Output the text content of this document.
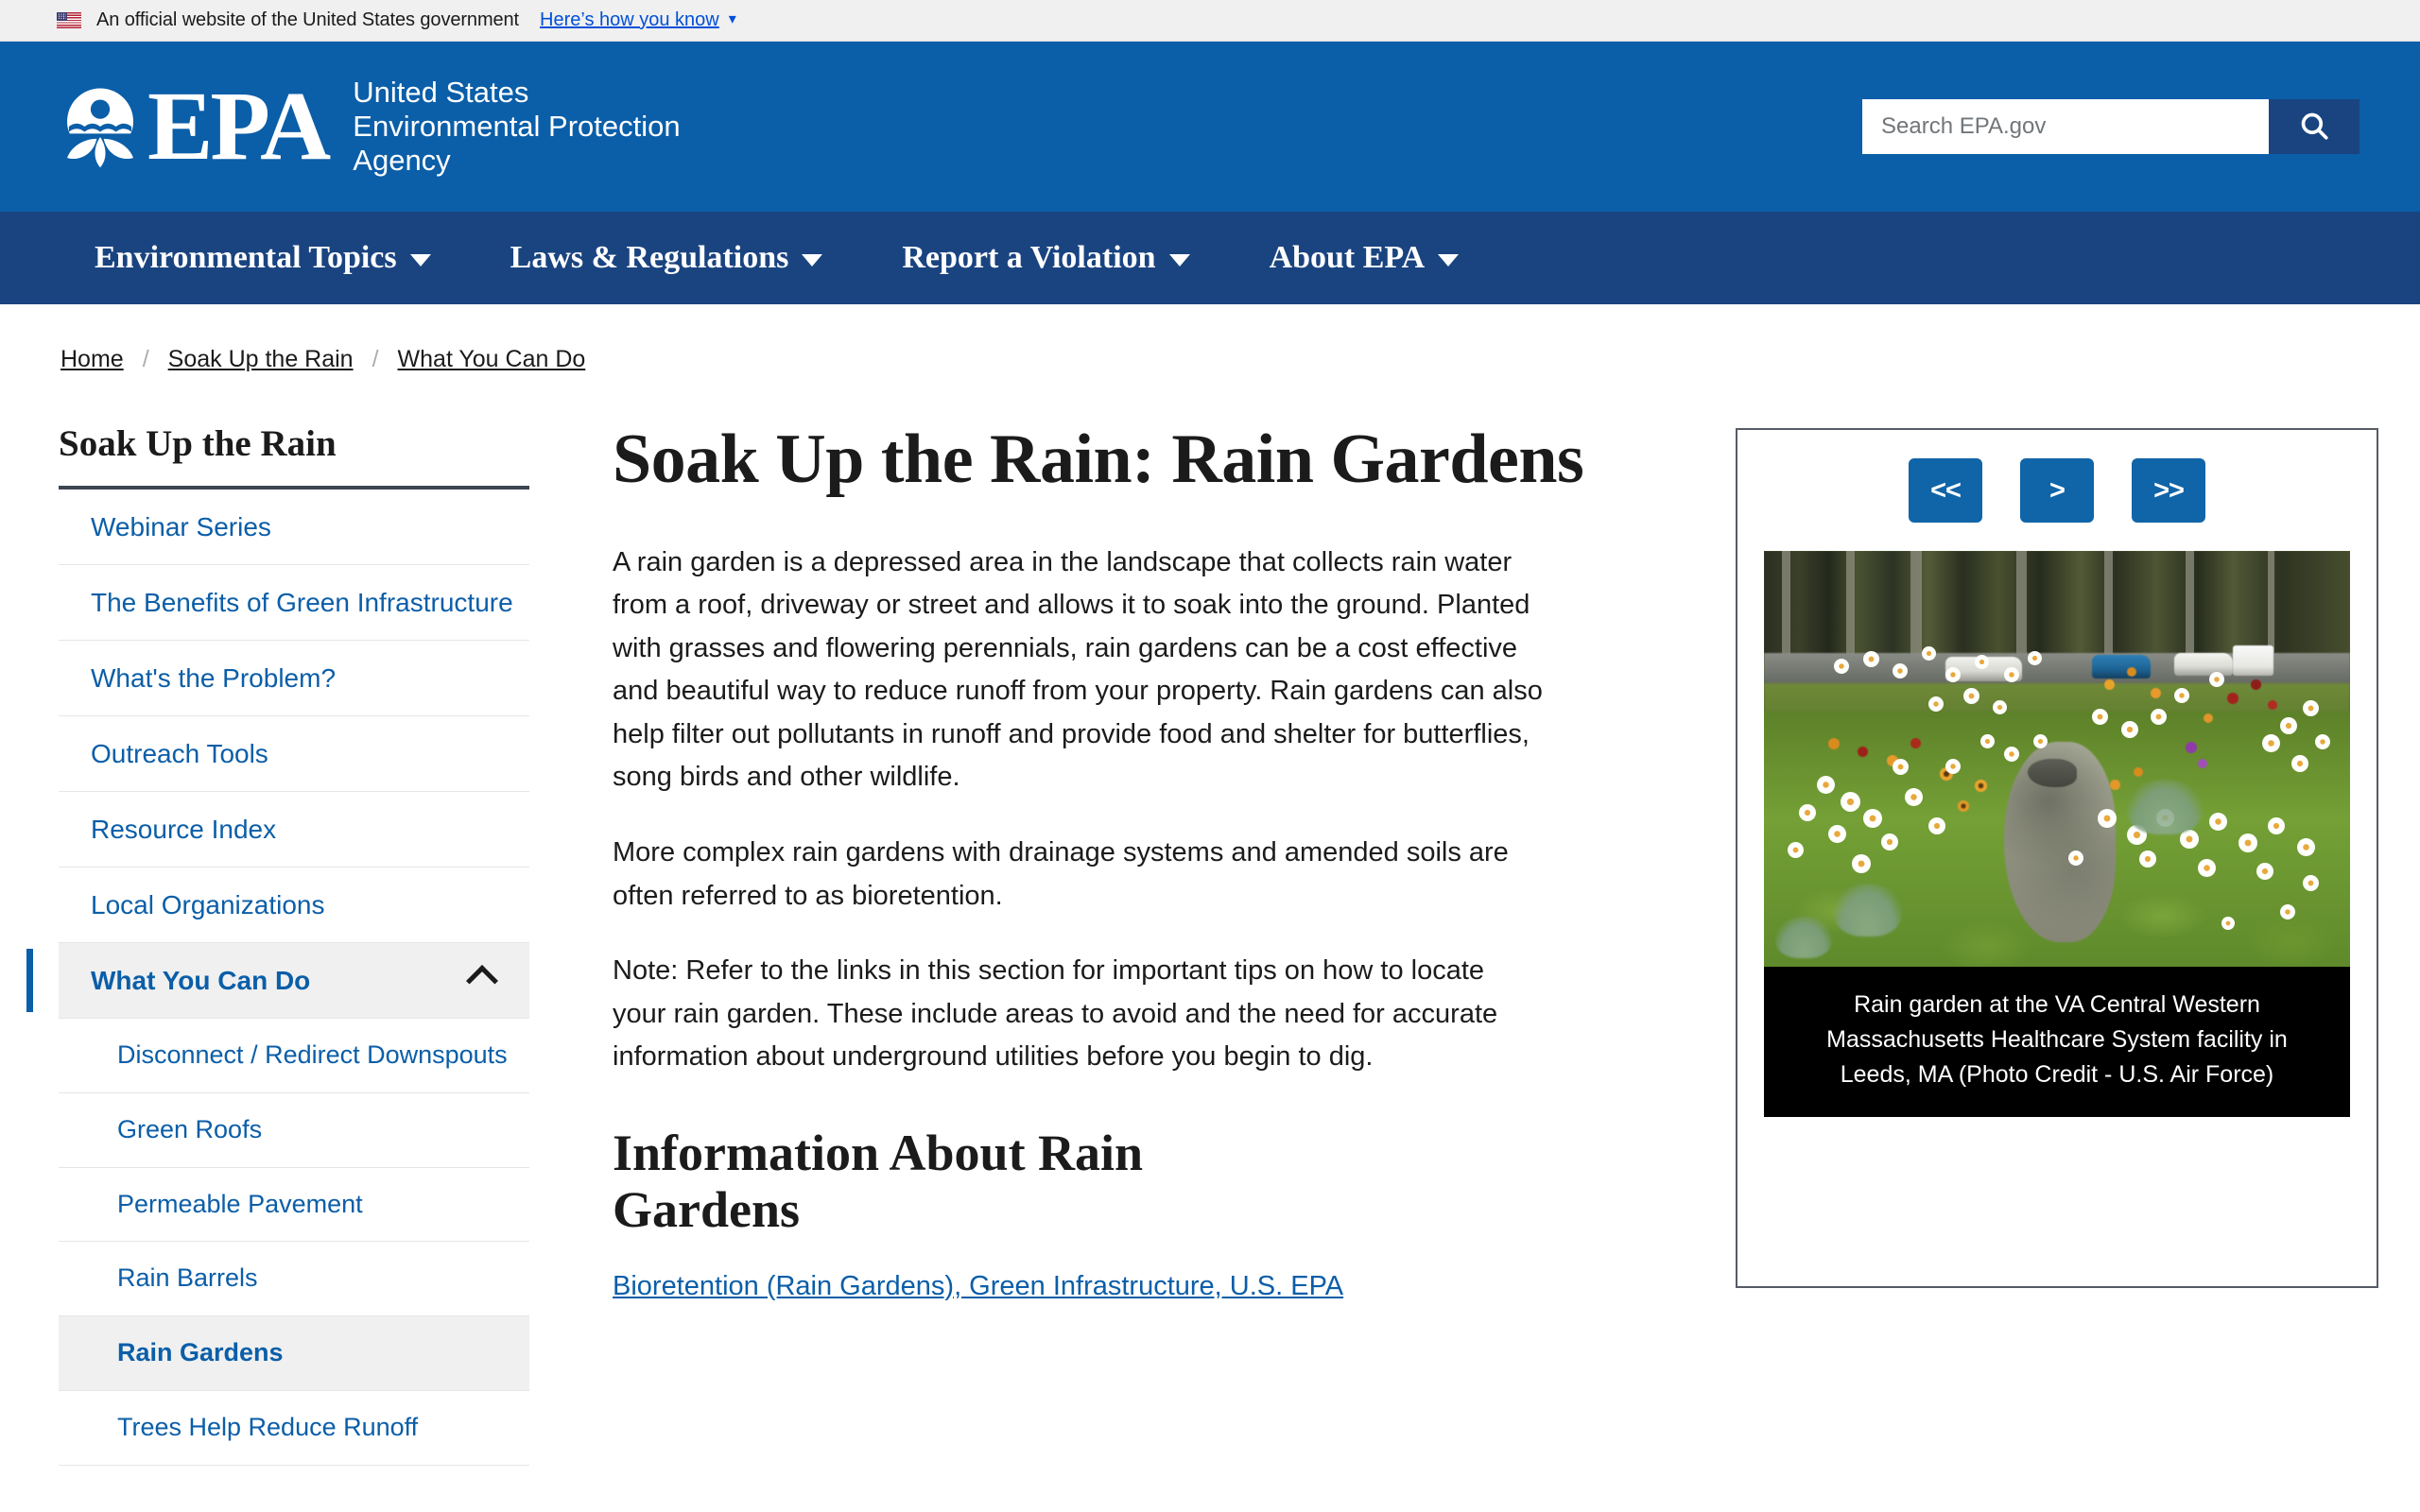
An official website of the United States government Here’s how you know ▾
EPA United States
Environmental Protection
Agency
Search EPA.gov
Environmental Topics	Laws & Regulations	Report a Violation	About EPA
Home / Soak Up the Rain / What You Can Do
Soak Up the Rain
Webinar Series
The Benefits of Green Infrastructure
What's the Problem?
Outreach Tools
Resource Index
Local Organizations
What You Can Do
Disconnect / Redirect Downspouts
Green Roofs
Permeable Pavement
Rain Barrels
Rain Gardens
Trees Help Reduce Runoff
Soak Up the Rain: Rain Gardens

A rain garden is a depressed area in the landscape that collects rain water from a roof, driveway or street and allows it to soak into the ground. Planted with grasses and flowering perennials, rain gardens can be a cost effective and beautiful way to reduce runoff from your property. Rain gardens can also help filter out pollutants in runoff and provide food and shelter for butterflies, song birds and other wildlife.

More complex rain gardens with drainage systems and amended soils are often referred to as bioretention.

Note: Refer to the links in this section for important tips on how to locate your rain garden. These include areas to avoid and the need for accurate information about underground utilities before you begin to dig.

Information About Rain Gardens
Bioretention (Rain Gardens), Green Infrastructure, U.S. EPA
<<	>	>>
Rain garden at the VA Central Western Massachusetts Healthcare System facility in Leeds, MA (Photo Credit - U.S. Air Force)
